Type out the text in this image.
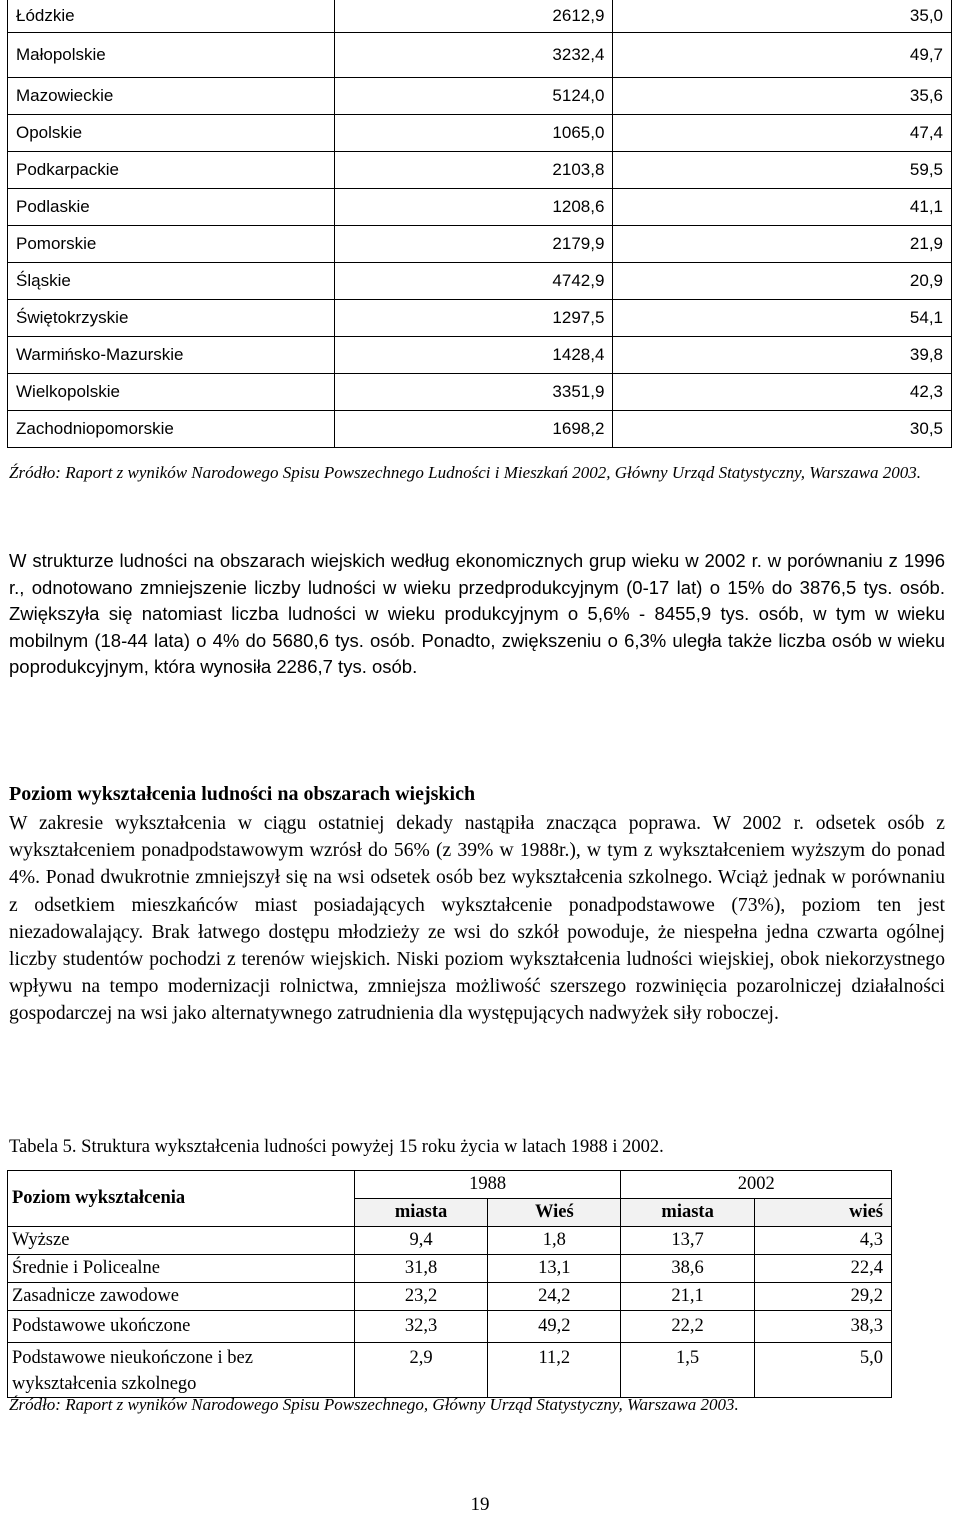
Łódzkie	2612,9	35,0
Małopolskie	3232,4	49,7
Mazowieckie	5124,0	35,6
Opolskie	1065,0	47,4
Podkarpackie	2103,8	59,5
Podlaskie	1208,6	41,1
Pomorskie	2179,9	21,9
Śląskie	4742,9	20,9
Świętokrzyskie	1297,5	54,1
Warmińsko-Mazurskie	1428,4	39,8
Wielkopolskie	3351,9	42,3
Zachodniopomorskie	1698,2	30,5
Źródło: Raport z wyników Narodowego Spisu Powszechnego Ludności i Mieszkań 2002, Główny Urząd Statystyczny, Warszawa 2003.

W strukturze ludności na obszarach wiejskich według ekonomicznych grup wieku w 2002 r. w porównaniu z 1996 r., odnotowano zmniejszenie liczby ludności w wieku przedprodukcyjnym (0-17 lat) o 15% do 3876,5 tys. osób. Zwiększyła się natomiast liczba ludności w wieku produkcyjnym o 5,6% - 8455,9 tys. osób, w tym w wieku mobilnym (18-44 lata) o 4% do 5680,6 tys. osób. Ponadto, zwiększeniu o 6,3% uległa także liczba osób w wieku poprodukcyjnym, która wynosiła 2286,7 tys. osób.

Poziom wykształcenia ludności na obszarach wiejskich

W zakresie wykształcenia w ciągu ostatniej dekady nastąpiła znacząca poprawa. W 2002 r. odsetek osób z wykształceniem ponadpodstawowym wzrósł do 56% (z 39% w 1988r.), w tym z wykształceniem wyższym do ponad 4%. Ponad dwukrotnie zmniejszył się na wsi odsetek osób bez wykształcenia szkolnego. Wciąż jednak w porównaniu z odsetkiem mieszkańców miast posiadających wykształcenie ponadpodstawowe (73%), poziom ten jest niezadowalający. Brak łatwego dostępu młodzieży ze wsi do szkół powoduje, że niespełna jedna czwarta ogólnej liczby studentów pochodzi z terenów wiejskich. Niski poziom wykształcenia ludności wiejskiej, obok niekorzystnego wpływu na tempo modernizacji rolnictwa, zmniejsza możliwość szerszego rozwinięcia pozarolniczej działalności gospodarczej na wsi jako alternatywnego zatrudnienia dla występujących nadwyżek siły roboczej.

Tabela 5. Struktura wykształcenia ludności powyżej 15 roku życia w latach 1988 i 2002.
Poziom wykształcenia	1988		2002	
	miasta	Wieś	miasta	wieś
Wyższe	9,4	1,8	13,7	4,3
Średnie i Policealne	31,8	13,1	38,6	22,4
Zasadnicze zawodowe	23,2	24,2	21,1	29,2
Podstawowe ukończone	32,3	49,2	22,2	38,3
Podstawowe nieukończone i bez wykształcenia szkolnego	2,9	11,2	1,5	5,0
Źródło: Raport z wyników Narodowego Spisu Powszechnego, Główny Urząd Statystyczny, Warszawa 2003.
19
